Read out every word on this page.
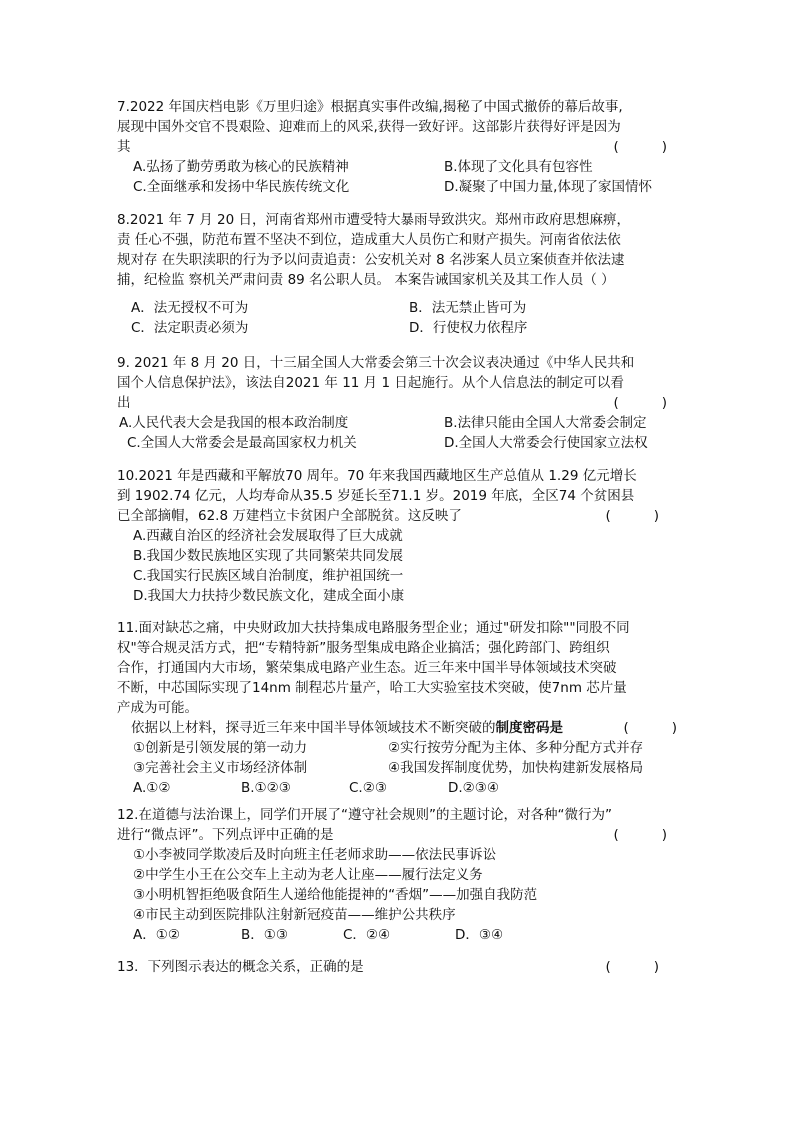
7.2022 年国庆档电影《万里归途》根据真实事件改编,揭秘了中国式撤侨的幕后故事,
展现中国外交官不畏艰险、迎难而上的风采,获得一致好评。这部影片获得好评是因为
其	(          )
A.弘扬了勤劳勇敢为核心的民族精神	B.体现了文化具有包容性
C.全面继承和发扬中华民族传统文化	D.凝聚了中国力量,体现了家国情怀
8.2021 年 7 月 20 日，河南省郑州市遭受特大暴雨导致洪灾。郑州市政府思想麻痹，
责 任心不强，防范布置不坚决不到位，造成重大人员伤亡和财产损失。河南省依法依
规对存 在失职渎职的行为予以问责追责：公安机关对 8 名涉案人员立案侦查并依法逮
捕，纪检监 察机关严肃问责 89 名公职人员。 本案告诫国家机关及其工作人员（ ）
A．法无授权不可为	B．法无禁止皆可为
C．法定职责必须为	D．行使权力依程序
9. 2021 年 8 月 20 日，十三届全国人大常委会第三十次会议表决通过《中华人民共和
国个人信息保护法》，该法自2021 年 11 月 1 日起施行。从个人信息法的制定可以看
出	(          )
A.人民代表大会是我国的根本政治制度	B.法律只能由全国人大常委会制定
C.全国人大常委会是最高国家权力机关	D.全国人大常委会行使国家立法权
10.2021 年是西藏和平解放70 周年。70 年来我国西藏地区生产总值从 1.29 亿元增长
到 1902.74 亿元，人均寿命从35.5 岁延长至71.1 岁。2019 年底，全区74 个贫困县
已全部摘帽，62.8 万建档立卡贫困户全部脱贫。这反映了	(          )
A.西藏自治区的经济社会发展取得了巨大成就
B.我国少数民族地区实现了共同繁荣共同发展
C.我国实行民族区域自治制度，维护祖国统一
D.我国大力扶持少数民族文化，建成全面小康
11.面对缺芯之痛，中央财政加大扶持集成电路服务型企业；通过"研发扣除""同股不同
权"等合规灵活方式，把“专精特新”服务型集成电路企业搞活；强化跨部门、跨组织
合作，打通国内大市场，繁荣集成电路产业生态。近三年来中国半导体领域技术突破
不断，中芯国际实现了14nm 制程芯片量产，哈工大实验室技术突破，使7nm 芯片量
产成为可能。
依据以上材料，探寻近三年来中国半导体领域技术不断突破的制度密码是	(          )
①创新是引领发展的第一动力	②实行按劳分配为主体、多种分配方式并存
③完善社会主义市场经济体制	④我国发挥制度优势，加快构建新发展格局
A.①②	B.①②③	C.②③	D.②③④
12.在道德与法治课上，同学们开展了“遵守社会规则”的主题讨论，对各种“微行为”
进行“微点评”。下列点评中正确的是	(          )
①小李被同学欺凌后及时向班主任老师求助——依法民事诉讼
②中学生小王在公交车上主动为老人让座——履行法定义务
③小明机智拒绝吸食陌生人递给他能提神的“香烟”——加强自我防范
④市民主动到医院排队注射新冠疫苗——维护公共秩序
A．①②	B．①③	C．②④	D．③④
13．下列图示表达的概念关系，正确的是	(          )
